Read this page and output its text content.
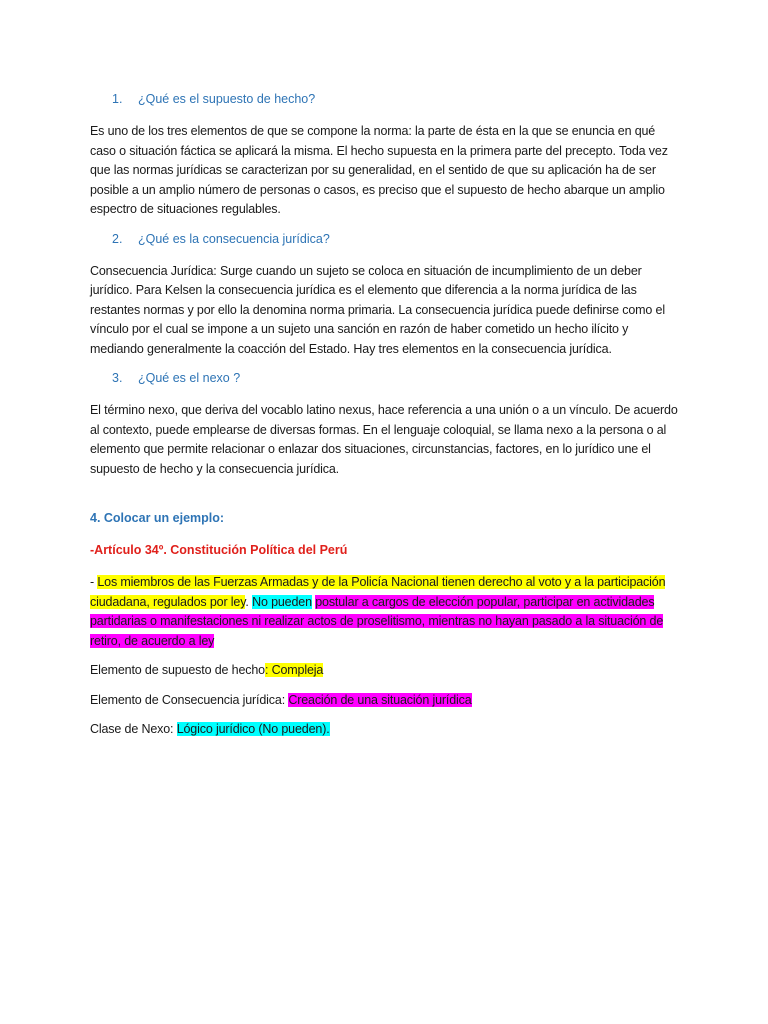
1. ¿Qué es el supuesto de hecho?

Es uno de los tres elementos de que se compone la norma: la parte de ésta en la que se enuncia en qué caso o situación fáctica se aplicará la misma. El hecho supuesta en la primera parte del precepto. Toda vez que las normas jurídicas se caracterizan por su generalidad, en el sentido de que su aplicación ha de ser posible a un amplio número de personas o casos, es preciso que el supuesto de hecho abarque un amplio espectro de situaciones regulables.

2. ¿Qué es la consecuencia jurídica?

Consecuencia Jurídica: Surge cuando un sujeto se coloca en situación de incumplimiento de un deber jurídico. Para Kelsen la consecuencia jurídica es el elemento que diferencia a la norma jurídica de las restantes normas y por ello la denomina norma primaria. La consecuencia jurídica puede definirse como el vínculo por el cual se impone a un sujeto una sanción en razón de haber cometido un hecho ilícito y mediando generalmente la coacción del Estado. Hay tres elementos en la consecuencia jurídica.

3. ¿Qué es el nexo ?

El término nexo, que deriva del vocablo latino nexus, hace referencia a una unión o a un vínculo. De acuerdo al contexto, puede emplearse de diversas formas. En el lenguaje coloquial, se llama nexo a la persona o al elemento que permite relacionar o enlazar dos situaciones, circunstancias, factores, en lo jurídico une el supuesto de hecho y la consecuencia jurídica.

4. Colocar un ejemplo:
-Artículo 34º. Constitución Política del Perú

- Los miembros de las Fuerzas Armadas y de la Policía Nacional tienen derecho al voto y a la participación ciudadana, regulados por ley. No pueden postular a cargos de elección popular, participar en actividades partidarias o manifestaciones ni realizar actos de proselitismo, mientras no hayan pasado a la situación de retiro, de acuerdo a ley

Elemento de supuesto de hecho: Compleja

Elemento de Consecuencia jurídica: Creación de una situación jurídica

Clase de Nexo: Lógico jurídico (No pueden).
